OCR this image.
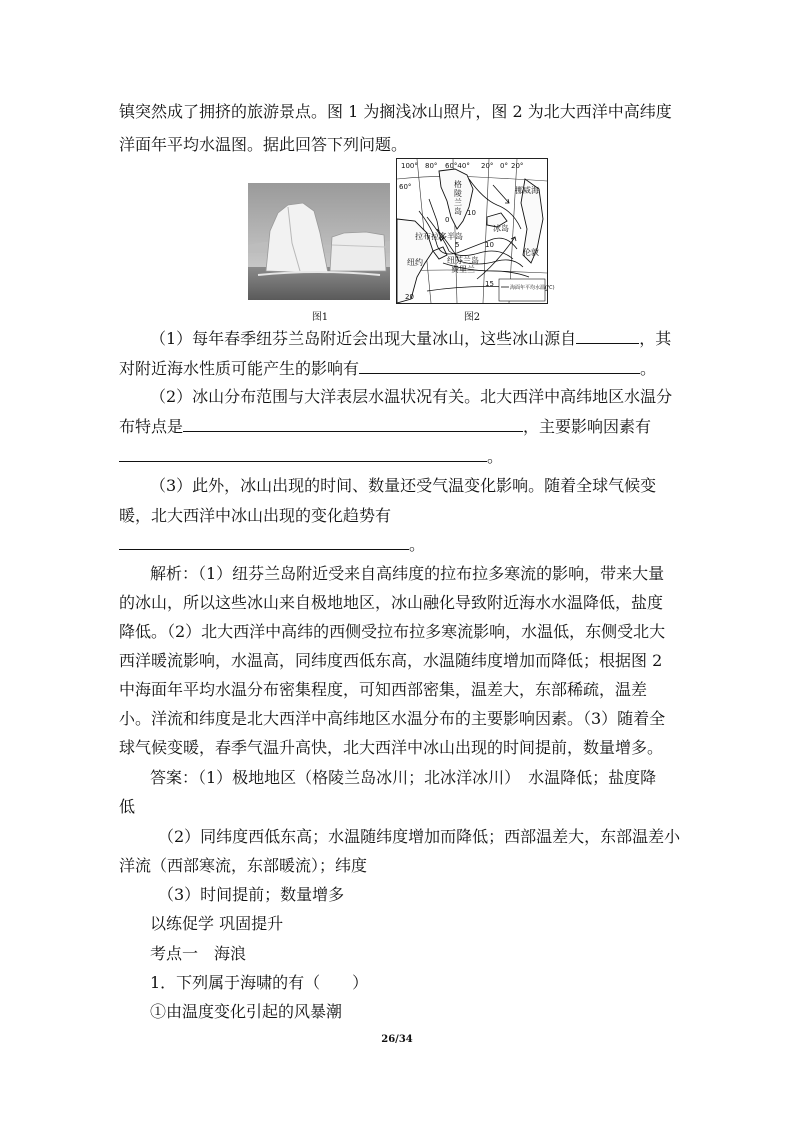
镇突然成了拥挤的旅游景点。图 1 为搁浅冰山照片，图 2 为北大西洋中高纬度
洋面年平均水温图。据此回答下列问题。
图1
100° 80° 60°40° 20° 0° 20°
60°
0
5	10
15
20
10
格陵兰岛
冰岛
挪威海
伦敦
拉布拉多半岛
纽芬兰岛
费里兰
纽约
海面年平均水温(℃)
图2
（1）每年春季纽芬兰岛附近会出现大量冰山，这些冰山源自	，其
对附近海水性质可能产生的影响有	。
（2）冰山分布范围与大洋表层水温状况有关。北大西洋中高纬地区水温分
布特点是	，主要影响因素有
。
（3）此外，冰山出现的时间、数量还受气温变化影响。随着全球气候变
暖，北大西洋中冰山出现的变化趋势有
。
解析：（1）纽芬兰岛附近受来自高纬度的拉布拉多寒流的影响，带来大量
的冰山，所以这些冰山来自极地地区，冰山融化导致附近海水水温降低，盐度
降低。（2）北大西洋中高纬的西侧受拉布拉多寒流影响，水温低，东侧受北大
西洋暖流影响，水温高，同纬度西低东高，水温随纬度增加而降低；根据图 2
中海面年平均水温分布密集程度，可知西部密集，温差大，东部稀疏，温差
小。洋流和纬度是北大西洋中高纬地区水温分布的主要影响因素。（3）随着全
球气候变暖，春季气温升高快，北大西洋中冰山出现的时间提前，数量增多。
答案：（1）极地地区（格陵兰岛冰川；北冰洋冰川）　水温降低；盐度降
低
（2）同纬度西低东高；水温随纬度增加而降低；西部温差大，东部温差小
洋流（西部寒流，东部暖流）；纬度
（3）时间提前；数量增多
以练促学 巩固提升
考点一　海浪
1．下列属于海啸的有（　　）
①由温度变化引起的风暴潮
26/34
